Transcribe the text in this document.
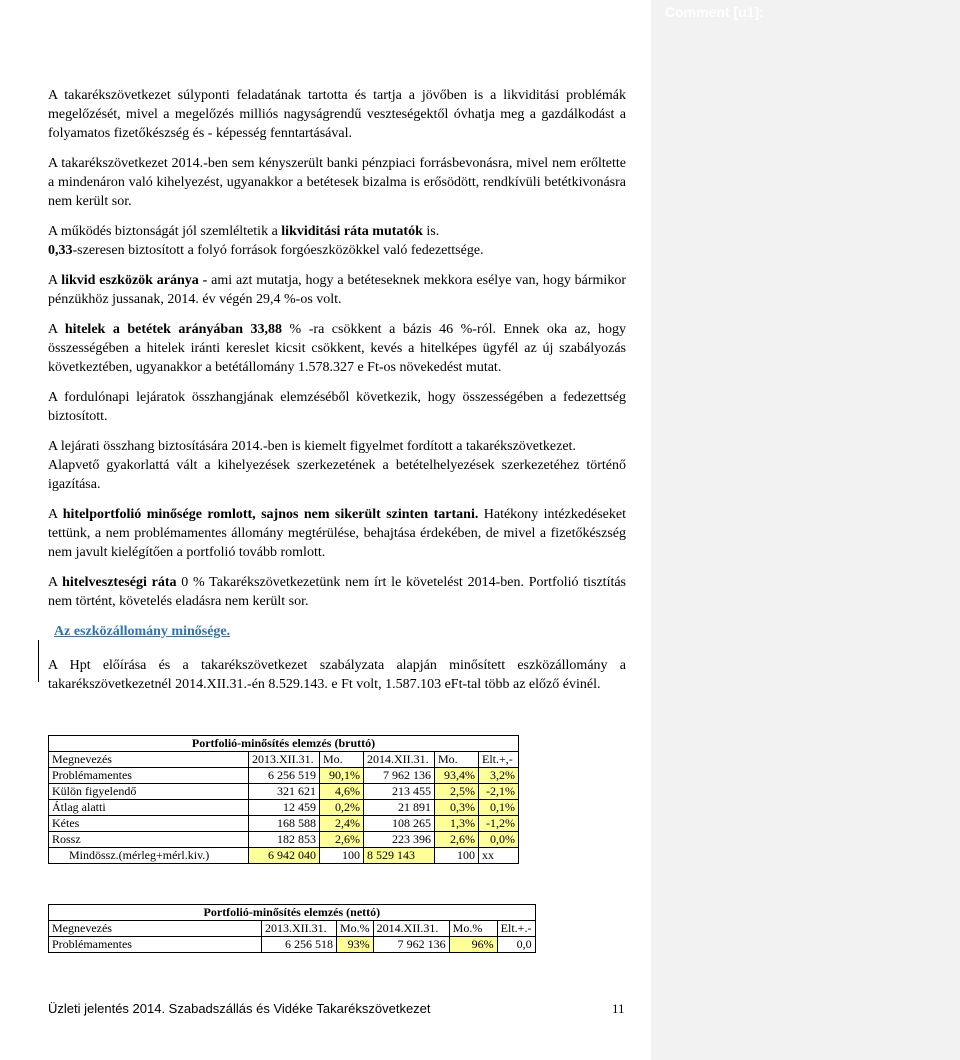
Comment [u1]:

A takarékszövetkezet súlyponti feladatának tartotta és tartja a jövőben is a likviditási problémák megelőzését, mivel a megelőzés milliós nagyságrendű veszteségektől óvhatja meg a gazdálkodást a folyamatos fizetőkészség és - képesség fenntartásával.

A takarékszövetkezet 2014.-ben sem kényszerült banki pénzpiaci forrásbevonásra, mivel nem erőltette a mindenáron való kihelyezést, ugyanakkor a betétesek bizalma is erősödött, rendkívüli betétkivonásra nem került sor.

A működés biztonságát jól szemléltetik a likviditási ráta mutatók is.

0,33-szeresen biztosított a folyó források forgóeszközökkel való fedezettsége.

A likvid eszközök aránya - ami azt mutatja, hogy a betéteseknek mekkora esélye van, hogy bármikor pénzükhöz jussanak, 2014. év végén 29,4 %-os volt.

A hitelek a betétek arányában 33,88 % -ra csökkent a bázis 46 %-ról. Ennek oka az, hogy összességében a hitelek iránti kereslet kicsit csökkent, kevés a hitelképes ügyfél az új szabályozás következtében, ugyanakkor a betétállomány 1.578.327 e Ft-os növekedést mutat.

A fordulónapi lejáratok összhangjának elemzéséből következik, hogy összességében a fedezettség biztosított.

A lejárati összhang biztosítására 2014.-ben is kiemelt figyelmet fordított a takarékszövetkezet.

Alapvető gyakorlattá vált a kihelyezések szerkezetének a betételhelyezések szerkezetéhez történő igazítása.

A hitelportfolió minősége romlott, sajnos nem sikerült szinten tartani. Hatékony intézkedéseket tettünk, a nem problémamentes állomány megtérülése, behajtása érdekében, de mivel a fizetőkészség nem javult kielégítően a portfolió tovább romlott.

A hitelveszteségi ráta 0 % Takarékszövetkezetünk nem írt le követelést 2014-ben. Portfolió tisztítás nem történt, követelés eladásra nem került sor.

Az eszközállomány minősége.

A Hpt előírása és a takarékszövetkezet szabályzata alapján minősített eszközállomány a takarékszövetkezetnél 2014.XII.31.-én 8.529.143. e Ft volt, 1.587.103 eFt-tal több az előző évinél.

Portfolió-minősítés elemzés (bruttó)					
Megnevezés	2013.XII.31.	Mo.	2014.XII.31.	Mo.	Elt.+,-
Problémamentes	6 256 519	90,1%	7 962 136	93,4%	3,2%
Külön figyelendő	321 621	4,6%	213 455	2,5%	-2,1%
Átlag alatti	12 459	0,2%	21 891	0,3%	0,1%
Kétes	168 588	2,4%	108 265	1,3%	-1,2%
Rossz	182 853	2,6%	223 396	2,6%	0,0%
Mindössz.(mérleg+mérl.kiv.)	6 942 040	100	8 529 143	100	xx
Portfolió-minősítés elemzés (nettó)					
Megnevezés	2013.XII.31.	Mo.%	2014.XII.31.	Mo.%	Elt.+.-
Problémamentes	6 256 518	93%	7 962 136	96%	0,0
Üzleti jelentés 2014. Szabadszállás és Vidéke Takarékszövetkezet	11
